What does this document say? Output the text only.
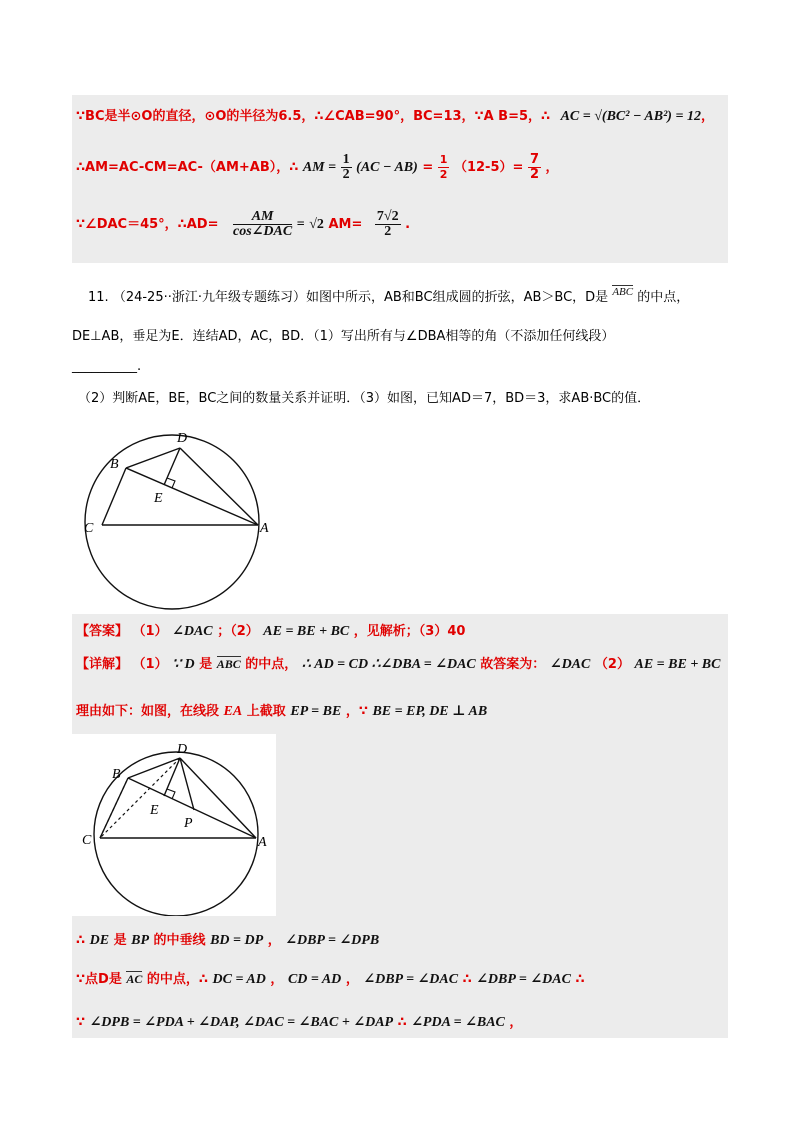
∵BC是半⊙O的直径，⊙O的半径为6.5，∴∠CAB=90°，BC=13，∵A B=5，∴ AC = √(BC² − AB²) = 12，
∴AM=AC-CM=AC-（AM+AB），∴ AM = $\frac{1}{2} (AC - AB) = \frac{1}{2} (12-5)= \frac{7}{2}$ ，
∵∠DAC＝45°，∴AD= $\frac{AM}{\text{cos∠DAC}} = √2$ $AM= \frac{7√2}{2}$ .
11. （24-25··浙江·九年级专题练习）如图中所示，AB和BC组成圆的折弦，AB＞BC，D是 $^{ABC}$ 的中点，
DE⊥AB，垂足为E．连结AD，AC，BD．（1）写出所有与∠DBA相等的角（不添加任何线段）
__________.
（2）判断AE，BE，BC之间的数量关系并证明．（3）如图，已知AD＝7，BD＝3，求AB·BC的值．
D
B
E
C	A
【答案】 （1） ∠DAC ；（2） AE = BE + BC ，见解析；（3）40
【详解】 （1） ∵ D 是 ABC 的中点， ∴ AD = CD ∴∠DBA = ∠DAC 故答案为： ∠DAC （2） AE = BE + BC
理由如下：如图，在线段 EA 上截取 EP = BE ，∵ BE = EP, DE ⊥ AB
D
B
E
P
C	A
∴ DE 是 BP 的中垂线 BD = DP ， ∠DBP = ∠DPB
∵点D是 AC 的中点，∴ DC = AD ， CD = AD ， ∠DBP = ∠DAC ∴ ∠DBP = ∠DAC ∴
∵ ∠DPB = ∠PDA + ∠DAP, ∠DAC = ∠BAC + ∠DAP ∴ ∠PDA = ∠BAC ，
